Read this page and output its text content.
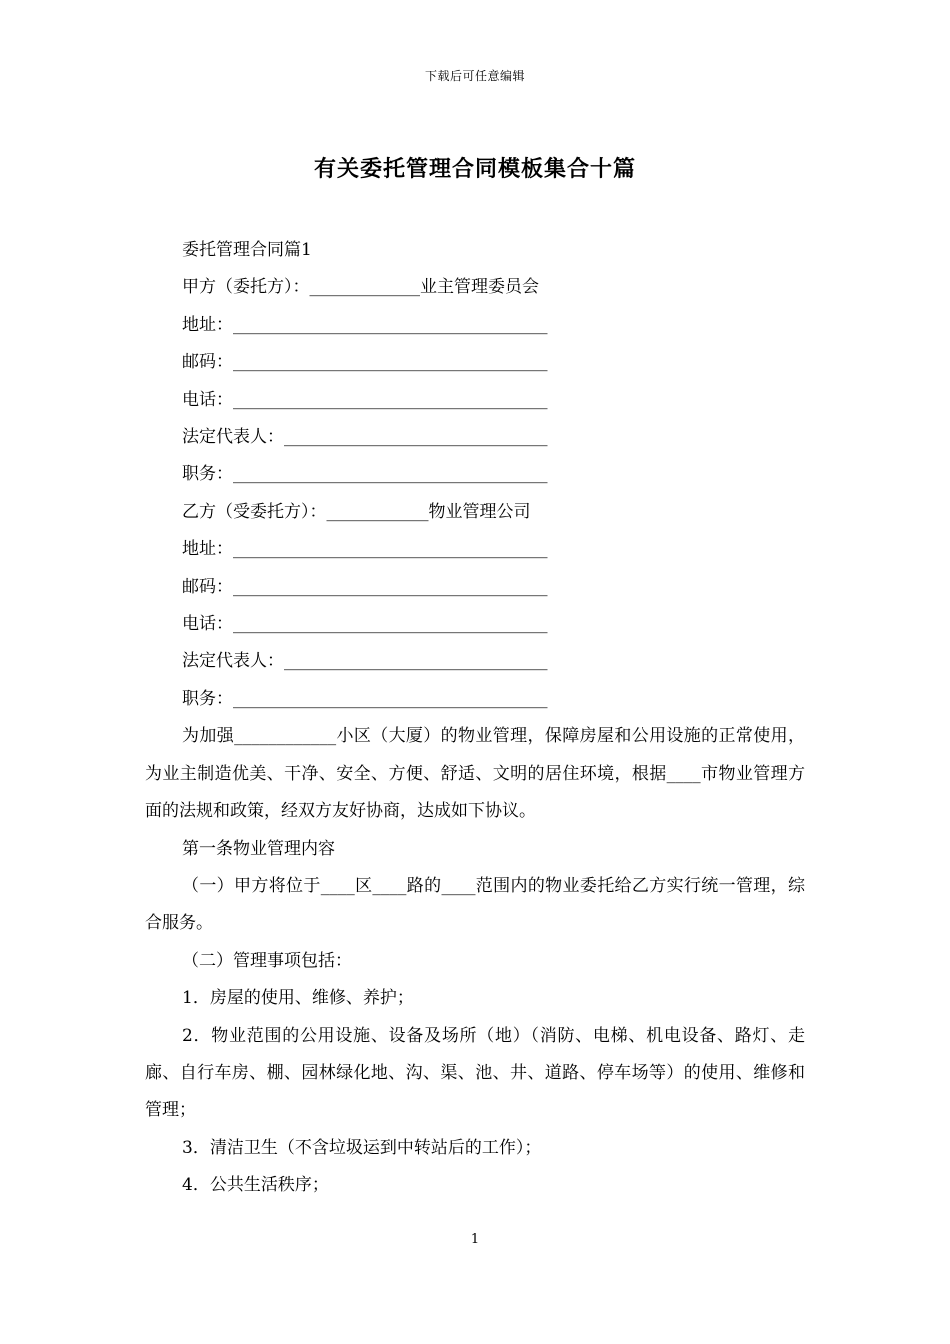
下载后可任意编辑
有关委托管理合同模板集合十篇

委托管理合同篇1

甲方（委托方）：_____________业主管理委员会

地址：_____________________________________

邮码：_____________________________________

电话：_____________________________________

法定代表人：_______________________________

职务：_____________________________________

乙方（受委托方）：____________物业管理公司

地址：_____________________________________

邮码：_____________________________________

电话：_____________________________________

法定代表人：_______________________________

职务：_____________________________________

为加强____________小区（大厦）的物业管理，保障房屋和公用设施的正常使用，为业主制造优美、干净、安全、方便、舒适、文明的居住环境，根据____市物业管理方面的法规和政策，经双方友好协商，达成如下协议。

第一条物业管理内容

（一）甲方将位于____区____路的____范围内的物业委托给乙方实行统一管理，综合服务。

（二）管理事项包括：

1．房屋的使用、维修、养护；

2．物业范围的公用设施、设备及场所（地）（消防、电梯、机电设备、路灯、走廊、自行车房、棚、园林绿化地、沟、渠、池、井、道路、停车场等）的使用、维修和管理；

3．清洁卫生（不含垃圾运到中转站后的工作）；

4．公共生活秩序；

1
